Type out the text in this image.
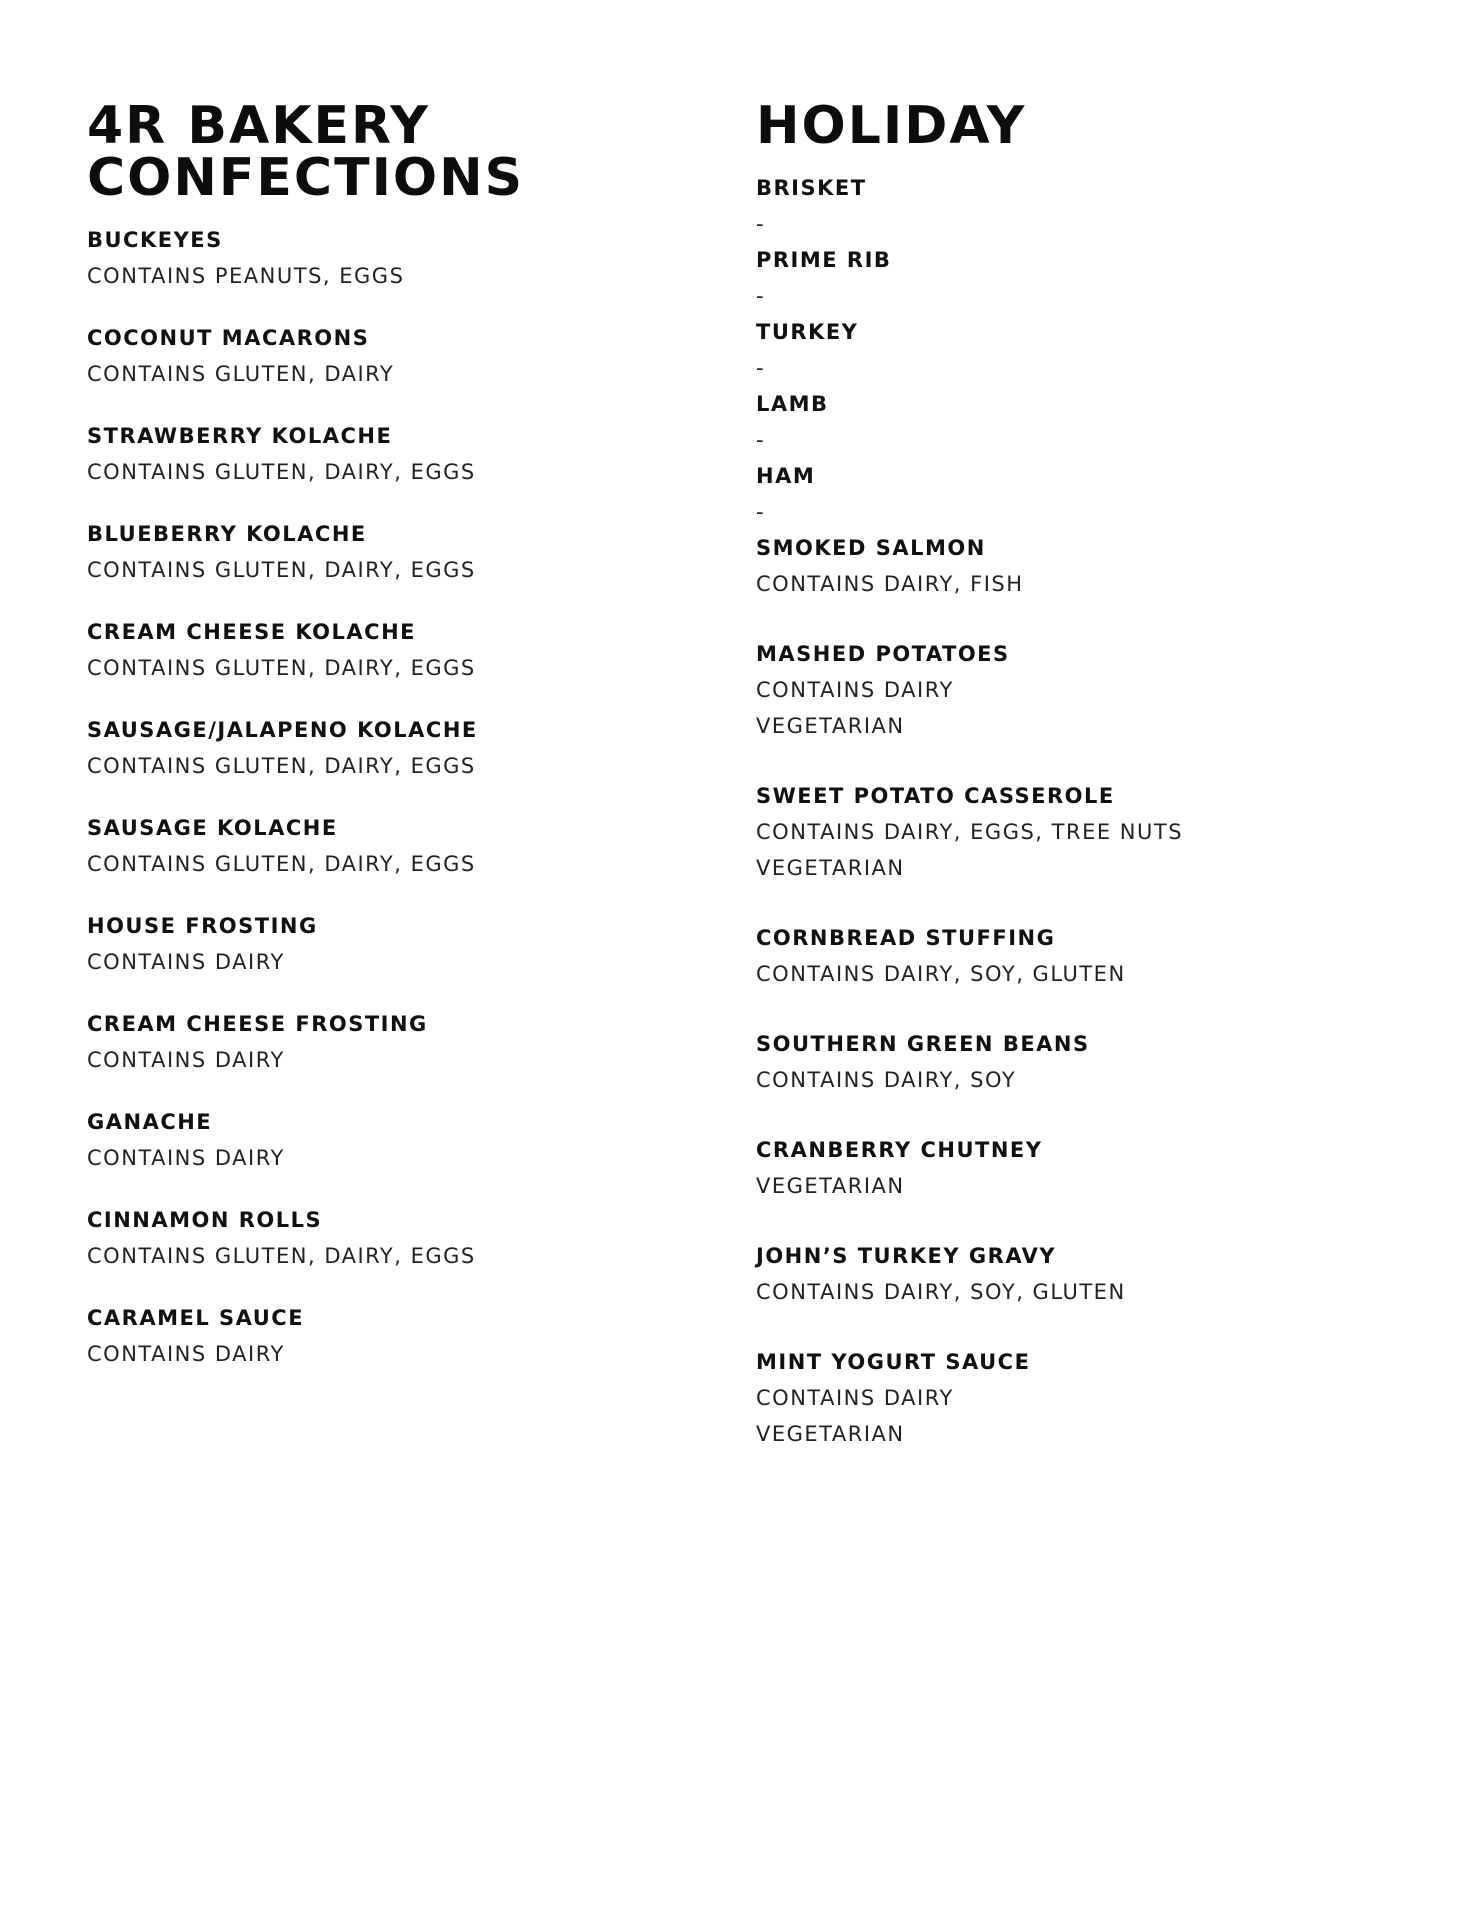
4R BAKERY
CONFECTIONS

BUCKEYES

CONTAINS PEANUTS, EGGS

COCONUT MACARONS

CONTAINS GLUTEN, DAIRY

STRAWBERRY KOLACHE

CONTAINS GLUTEN, DAIRY, EGGS

BLUEBERRY KOLACHE

CONTAINS GLUTEN, DAIRY, EGGS

CREAM CHEESE KOLACHE

CONTAINS GLUTEN, DAIRY, EGGS

SAUSAGE/JALAPENO KOLACHE

CONTAINS GLUTEN, DAIRY, EGGS

SAUSAGE KOLACHE

CONTAINS GLUTEN, DAIRY, EGGS

HOUSE FROSTING

CONTAINS DAIRY

CREAM CHEESE FROSTING

CONTAINS DAIRY

GANACHE

CONTAINS DAIRY

CINNAMON ROLLS

CONTAINS GLUTEN, DAIRY, EGGS

CARAMEL SAUCE

CONTAINS DAIRY

HOLIDAY

BRISKET

-

PRIME RIB

-

TURKEY

-

LAMB

-

HAM

-

SMOKED SALMON

CONTAINS DAIRY, FISH

MASHED POTATOES

CONTAINS DAIRY

VEGETARIAN

SWEET POTATO CASSEROLE

CONTAINS DAIRY, EGGS, TREE NUTS

VEGETARIAN

CORNBREAD STUFFING

CONTAINS DAIRY, SOY, GLUTEN

SOUTHERN GREEN BEANS

CONTAINS DAIRY, SOY

CRANBERRY CHUTNEY

VEGETARIAN

JOHN’S TURKEY GRAVY

CONTAINS DAIRY, SOY, GLUTEN

MINT YOGURT SAUCE

CONTAINS DAIRY

VEGETARIAN
